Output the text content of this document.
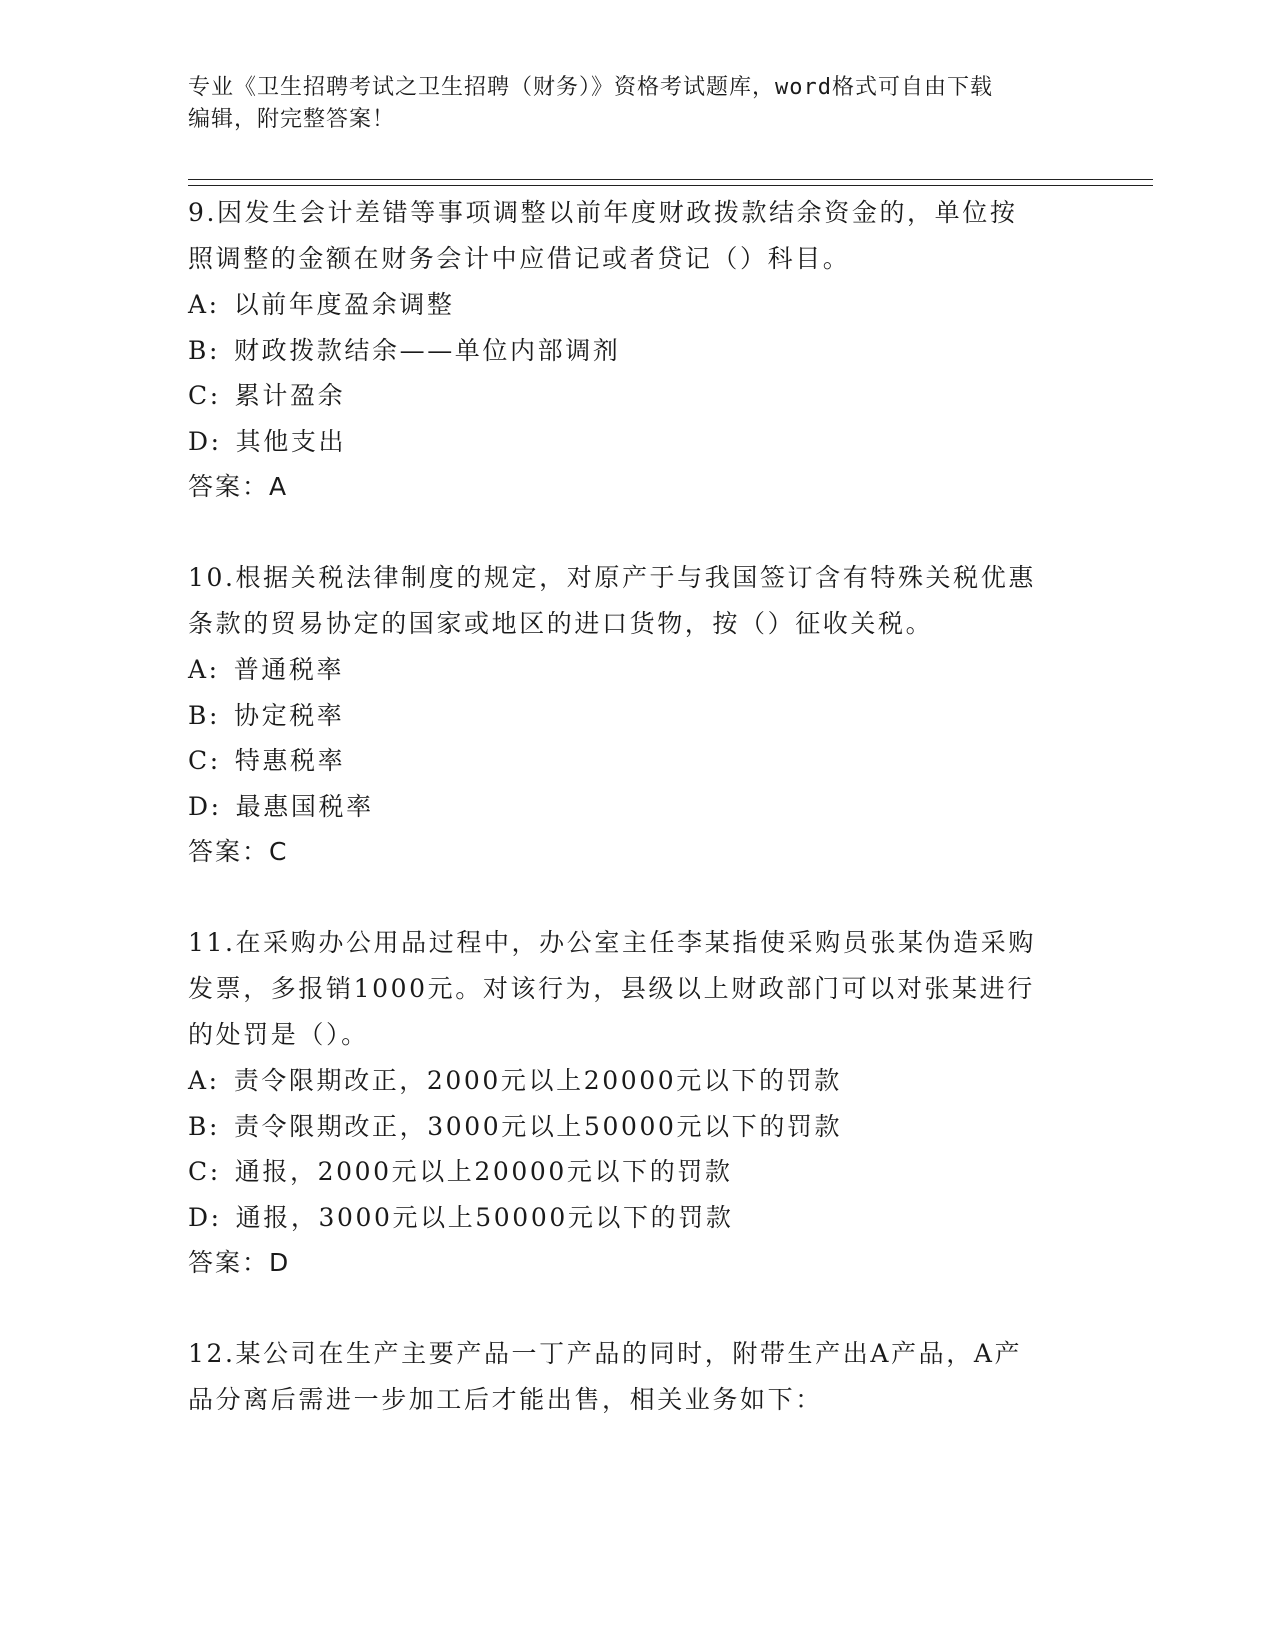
专业《卫生招聘考试之卫生招聘（财务）》资格考试题库，word格式可自由下载
编辑，附完整答案！
9.因发生会计差错等事项调整以前年度财政拨款结余资金的，单位按
照调整的金额在财务会计中应借记或者贷记（）科目。
A: 以前年度盈余调整
B: 财政拨款结余——单位内部调剂
C: 累计盈余
D: 其他支出
答案：A
10.根据关税法律制度的规定，对原产于与我国签订含有特殊关税优惠
条款的贸易协定的国家或地区的进口货物，按（）征收关税。
A: 普通税率
B: 协定税率
C: 特惠税率
D: 最惠国税率
答案：C
11.在采购办公用品过程中，办公室主任李某指使采购员张某伪造采购
发票，多报销1000元。对该行为，县级以上财政部门可以对张某进行
的处罚是（）。
A: 责令限期改正，2000元以上20000元以下的罚款
B: 责令限期改正，3000元以上50000元以下的罚款
C: 通报，2000元以上20000元以下的罚款
D: 通报，3000元以上50000元以下的罚款
答案：D
12.某公司在生产主要产品一丁产品的同时，附带生产出A产品，A产
品分离后需进一步加工后才能出售，相关业务如下：
